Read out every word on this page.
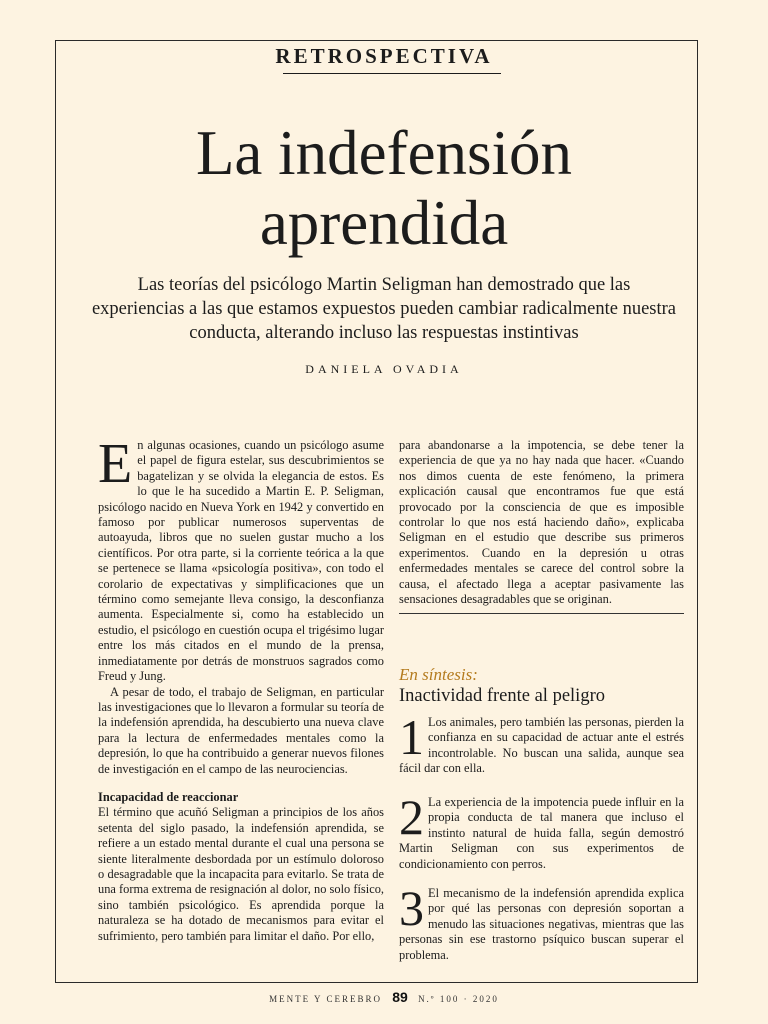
RETROSPECTIVA
La indefensión
aprendida
Las teorías del psicólogo Martin Seligman han demostrado que las experiencias a las que estamos expuestos pueden cambiar radicalmente nuestra conducta, alterando incluso las respuestas instintivas
DANIELA OVADIA

En algunas ocasiones, cuando un psicólogo asume el papel de figura estelar, sus descubrimientos se bagatelizan y se olvida la elegancia de estos. Es lo que le ha sucedido a Martin E. P. Seligman, psicólogo nacido en Nueva York en 1942 y convertido en famoso por publicar numerosos superventas de autoayuda, libros que no suelen gustar mucho a los científicos. Por otra parte, si la corriente teórica a la que se pertenece se llama «psicología positiva», con todo el corolario de expectativas y simplificaciones que un término como semejante lleva consigo, la desconfianza aumenta. Especialmente si, como ha establecido un estudio, el psicólogo en cuestión ocupa el trigésimo lugar entre los más citados en el mundo de la prensa, inmediatamente por detrás de monstruos sagrados como Freud y Jung.

A pesar de todo, el trabajo de Seligman, en particular las investigaciones que lo llevaron a formular su teoría de la indefensión aprendida, ha descubierto una nueva clave para la lectura de enfermedades mentales como la depresión, lo que ha contribuido a generar nuevos filones de investigación en el campo de las neurociencias.

Incapacidad de reaccionar

El término que acuñó Seligman a principios de los años setenta del siglo pasado, la indefensión aprendida, se refiere a un estado mental durante el cual una persona se siente literalmente desbordada por un estímulo doloroso o desagradable que la incapacita para evitarlo. Se trata de una forma extrema de resignación al dolor, no solo físico, sino también psicológico. Es aprendida porque la naturaleza se ha dotado de mecanismos para evitar el sufrimiento, pero también para limitar el daño. Por ello,

para abandonarse a la impotencia, se debe tener la experiencia de que ya no hay nada que hacer. «Cuando nos dimos cuenta de este fenómeno, la primera explicación causal que encontramos fue que está provocado por la consciencia de que es imposible controlar lo que nos está haciendo daño», explicaba Seligman en el estudio que describe sus primeros experimentos. Cuando en la depresión u otras enfermedades mentales se carece del control sobre la causa, el afectado llega a aceptar pasivamente las sensaciones desagradables que se originan.

En síntesis:
Inactividad frente al peligro
1 Los animales, pero también las personas, pierden la confianza en su capacidad de actuar ante el estrés incontrolable. No buscan una salida, aunque sea fácil dar con ella.

2 La experiencia de la impotencia puede influir en la propia conducta de tal manera que incluso el instinto natural de huida falla, según demostró Martin Seligman con sus experimentos de condicionamiento con perros.

3 El mecanismo de la indefensión aprendida explica por qué las personas con depresión soportan a menudo las situaciones negativas, mientras que las personas sin ese trastorno psíquico buscan superar el problema.

MENTE Y CEREBRO 89 N.º 100 · 2020
